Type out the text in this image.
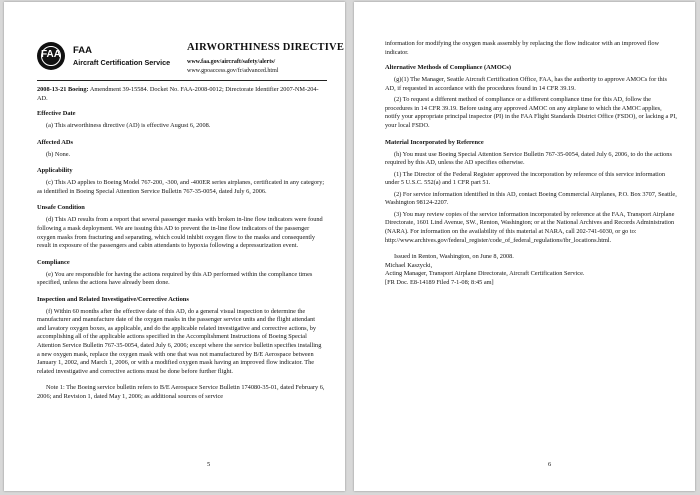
FAA	FAA
Aircraft Certification Service
AIRWORTHINESS DIRECTIVE
www.faa.gov/aircraft/safety/alerts/
www.gpoaccess.gov/fr/advanced.html

2008-13-21 Boeing: Amendment 39-15584. Docket No. FAA-2008-0012; Directorate Identifier 2007-NM-204-AD.

Effective Date

(a) This airworthiness directive (AD) is effective August 6, 2008.

Affected ADs

(b) None.

Applicability

(c) This AD applies to Boeing Model 767-200, -300, and -400ER series airplanes, certificated in any category; as identified in Boeing Special Attention Service Bulletin 767-35-0054, dated July 6, 2006.

Unsafe Condition

(d) This AD results from a report that several passenger masks with broken in-line flow indicators were found following a mask deployment. We are issuing this AD to prevent the in-line flow indicators of the passenger oxygen masks from fracturing and separating, which could inhibit oxygen flow to the masks and consequently result in exposure of the passengers and cabin attendants to hypoxia following a depressurization event.

Compliance

(e) You are responsible for having the actions required by this AD performed within the compliance times specified, unless the actions have already been done.

Inspection and Related Investigative/Corrective Actions

(f) Within 60 months after the effective date of this AD, do a general visual inspection to determine the manufacturer and manufacture date of the oxygen masks in the passenger service units and the flight attendant and lavatory oxygen boxes, as applicable, and do the applicable related investigative and corrective actions, by accomplishing all of the applicable actions specified in the Accomplishment Instructions of Boeing Special Attention Service Bulletin 767-35-0054, dated July 6, 2006; except where the service bulletin specifies installing a new oxygen mask, replace the oxygen mask with one that was not manufactured by B/E Aerospace between January 1, 2002, and March 1, 2006, or with a modified oxygen mask having an improved flow indicator. The related investigative and corrective actions must be done before further flight.

Note 1: The Boeing service bulletin refers to B/E Aerospace Service Bulletin 174080-35-01, dated February 6, 2006; and Revision 1, dated May 1, 2006; as additional sources of service

5

information for modifying the oxygen mask assembly by replacing the flow indicator with an improved flow indicator.

Alternative Methods of Compliance (AMOCs)

(g)(1) The Manager, Seattle Aircraft Certification Office, FAA, has the authority to approve AMOCs for this AD, if requested in accordance with the procedures found in 14 CFR 39.19.

(2) To request a different method of compliance or a different compliance time for this AD, follow the procedures in 14 CFR 39.19. Before using any approved AMOC on any airplane to which the AMOC applies, notify your appropriate principal inspector (PI) in the FAA Flight Standards District Office (FSDO), or lacking a PI, your local FSDO.

Material Incorporated by Reference

(h) You must use Boeing Special Attention Service Bulletin 767-35-0054, dated July 6, 2006, to do the actions required by this AD, unless the AD specifies otherwise.

(1) The Director of the Federal Register approved the incorporation by reference of this service information under 5 U.S.C. 552(a) and 1 CFR part 51.

(2) For service information identified in this AD, contact Boeing Commercial Airplanes, P.O. Box 3707, Seattle, Washington 98124-2207.

(3) You may review copies of the service information incorporated by reference at the FAA, Transport Airplane Directorate, 1601 Lind Avenue, SW., Renton, Washington; or at the National Archives and Records Administration (NARA). For information on the availability of this material at NARA, call 202-741-6030, or go to: http://www.archives.gov/federal_register/code_of_federal_regulations/ibr_locations.html.

Issued in Renton, Washington, on June 8, 2008.
Michael Kaszycki,
Acting Manager, Transport Airplane Directorate, Aircraft Certification Service.
[FR Doc. E8-14189 Filed 7-1-08; 8:45 am]
6
